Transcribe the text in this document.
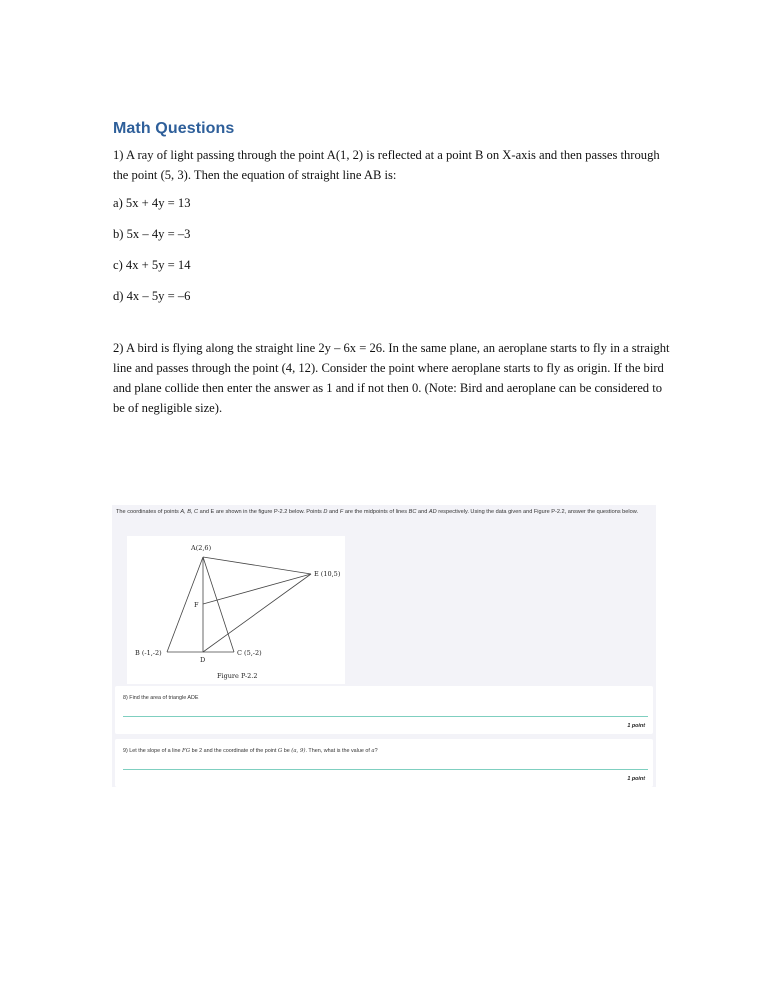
Math Questions
1) A ray of light passing through the point A(1, 2) is reflected at a point B on X-axis and then passes through the point (5, 3). Then the equation of straight line AB is:
a) 5x + 4y = 13
b) 5x – 4y = –3
c) 4x + 5y = 14
d) 4x – 5y = –6
2) A bird is flying along the straight line 2y – 6x = 26. In the same plane, an aeroplane starts to fly in a straight line and passes through the point (4, 12). Consider the point where aeroplane starts to fly as origin. If the bird and plane collide then enter the answer as 1 and if not then 0. (Note: Bird and aeroplane can be considered to be of negligible size).
The coordinates of points A, B, C and E are shown in the figure P-2.2 below. Points D and F are the midpoints of lines BC and AD respectively. Using the data given and Figure P-2.2, answer the questions below.
A(2,6)
B (-1,-2)	C (5,-2)
D
E (10,5)
F
Figure P-2.2
8) Find the area of triangle ADE
1 point
9) Let the slope of a line FG be 2 and the coordinate of the point G be (a, 9). Then, what is the value of a?
1 point
